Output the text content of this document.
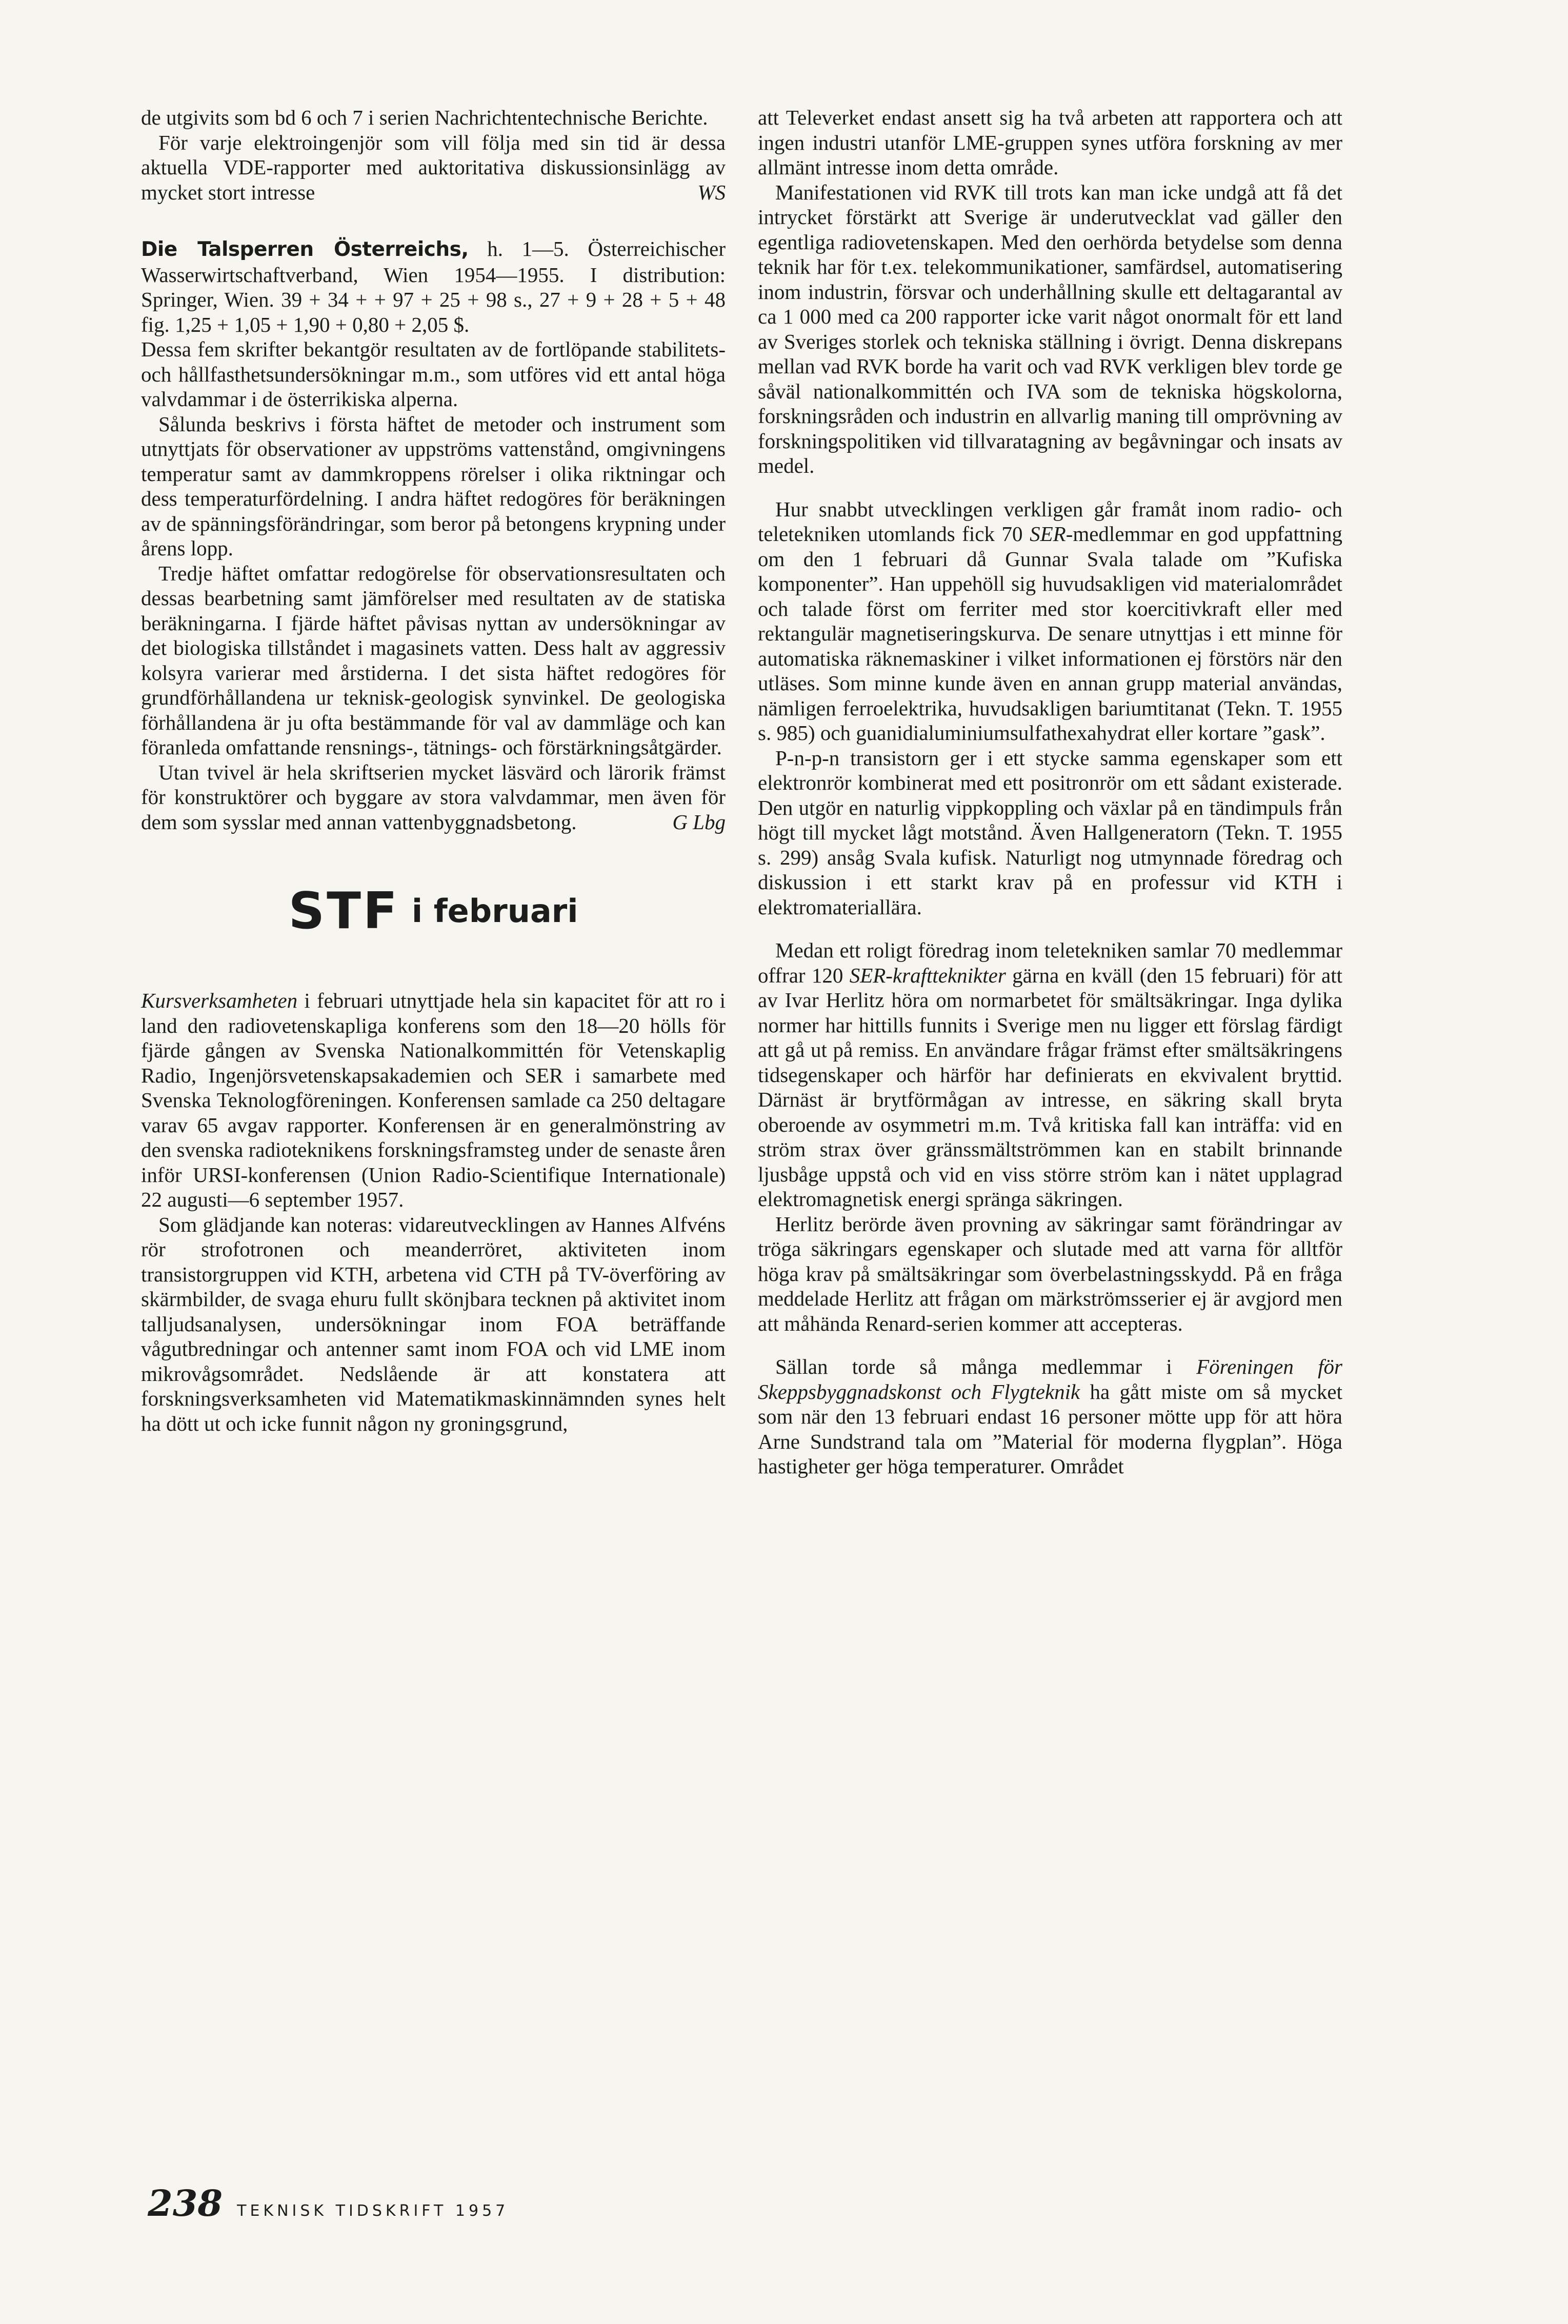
de utgivits som bd 6 och 7 i serien Nachrichtentechnische Berichte.

För varje elektroingenjör som vill följa med sin tid är dessa aktuella VDE-rapporter med auktoritativa diskussionsinlägg av mycket stort intresse	WS

Die Talsperren Österreichs, h. 1—5. Österreichischer Wasserwirtschaftverband, Wien 1954—1955. I distribution: Springer, Wien. 39 + 34 + + 97 + 25 + 98 s., 27 + 9 + 28 + 5 + 48 fig. 1,25 + 1,05 + 1,90 + 0,80 + 2,05 $.

Dessa fem skrifter bekantgör resultaten av de fortlöpande stabilitets- och hållfasthetsundersökningar m.m., som utföres vid ett antal höga valvdammar i de österrikiska alperna.

Sålunda beskrivs i första häftet de metoder och instrument som utnyttjats för observationer av uppströms vattenstånd, omgivningens temperatur samt av dammkroppens rörelser i olika riktningar och dess temperaturfördelning. I andra häftet redogöres för beräkningen av de spänningsförändringar, som beror på betongens krypning under årens lopp.

Tredje häftet omfattar redogörelse för observationsresultaten och dessas bearbetning samt jämförelser med resultaten av de statiska beräkningarna. I fjärde häftet påvisas nyttan av undersökningar av det biologiska tillståndet i magasinets vatten. Dess halt av aggressiv kolsyra varierar med årstiderna. I det sista häftet redogöres för grundförhållandena ur teknisk-geologisk synvinkel. De geologiska förhållandena är ju ofta bestämmande för val av dammläge och kan föranleda omfattande rensnings-, tätnings- och förstärkningsåtgärder.

Utan tvivel är hela skriftserien mycket läsvärd och lärorik främst för konstruktörer och byggare av stora valvdammar, men även för dem som sysslar med annan vattenbyggnadsbetong.	G Lbg

STF i februari

Kursverksamheten i februari utnyttjade hela sin kapacitet för att ro i land den radiovetenskapliga konferens som den 18—20 hölls för fjärde gången av Svenska Nationalkommittén för Vetenskaplig Radio, Ingenjörsvetenskapsakademien och SER i samarbete med Svenska Teknologföreningen. Konferensen samlade ca 250 deltagare varav 65 avgav rapporter. Konferensen är en generalmönstring av den svenska radioteknikens forskningsframsteg under de senaste åren inför URSI-konferensen (Union Radio-Scientifique Internationale) 22 augusti—6 september 1957.

Som glädjande kan noteras: vidareutvecklingen av Hannes Alfvéns rör strofotronen och meanderröret, aktiviteten inom transistorgruppen vid KTH, arbetena vid CTH på TV-överföring av skärmbilder, de svaga ehuru fullt skönjbara tecknen på aktivitet inom talljudsanalysen, undersökningar inom FOA beträffande vågutbredningar och antenner samt inom FOA och vid LME inom mikrovågsområdet. Nedslående är att konstatera att forskningsverksamheten vid Matematikmaskinnämnden synes helt ha dött ut och icke funnit någon ny groningsgrund,

att Televerket endast ansett sig ha två arbeten att rapportera och att ingen industri utanför LME-gruppen synes utföra forskning av mer allmänt intresse inom detta område.

Manifestationen vid RVK till trots kan man icke undgå att få det intrycket förstärkt att Sverige är underutvecklat vad gäller den egentliga radiovetenskapen. Med den oerhörda betydelse som denna teknik har för t.ex. telekommunikationer, samfärdsel, automatisering inom industrin, försvar och underhållning skulle ett deltagarantal av ca 1 000 med ca 200 rapporter icke varit något onormalt för ett land av Sveriges storlek och tekniska ställning i övrigt. Denna diskrepans mellan vad RVK borde ha varit och vad RVK verkligen blev torde ge såväl nationalkommittén och IVA som de tekniska högskolorna, forskningsråden och industrin en allvarlig maning till omprövning av forskningspolitiken vid tillvaratagning av begåvningar och insats av medel.

Hur snabbt utvecklingen verkligen går framåt inom radio- och teletekniken utomlands fick 70 SER-medlemmar en god uppfattning om den 1 februari då Gunnar Svala talade om ”Kufiska komponenter”. Han uppehöll sig huvudsakligen vid materialområdet och talade först om ferriter med stor koercitivkraft eller med rektangulär magnetiseringskurva. De senare utnyttjas i ett minne för automatiska räknemaskiner i vilket informationen ej förstörs när den utläses. Som minne kunde även en annan grupp material användas, nämligen ferroelektrika, huvudsakligen bariumtitanat (Tekn. T. 1955 s. 985) och guanidialuminiumsulfathexahydrat eller kortare ”gask”.

P-n-p-n transistorn ger i ett stycke samma egenskaper som ett elektronrör kombinerat med ett positronrör om ett sådant existerade. Den utgör en naturlig vippkoppling och växlar på en tändimpuls från högt till mycket lågt motstånd. Även Hallgeneratorn (Tekn. T. 1955 s. 299) ansåg Svala kufisk. Naturligt nog utmynnade föredrag och diskussion i ett starkt krav på en professur vid KTH i elektromateriallära.

Medan ett roligt föredrag inom teletekniken samlar 70 medlemmar offrar 120 SER-kraftteknikter gärna en kväll (den 15 februari) för att av Ivar Herlitz höra om normarbetet för smältsäkringar. Inga dylika normer har hittills funnits i Sverige men nu ligger ett förslag färdigt att gå ut på remiss. En användare frågar främst efter smältsäkringens tidsegenskaper och härför har definierats en ekvivalent bryttid. Därnäst är brytförmågan av intresse, en säkring skall bryta oberoende av osymmetri m.m. Två kritiska fall kan inträffa: vid en ström strax över gränssmältströmmen kan en stabilt brinnande ljusbåge uppstå och vid en viss större ström kan i nätet upplagrad elektromagnetisk energi spränga säkringen.

Herlitz berörde även provning av säkringar samt förändringar av tröga säkringars egenskaper och slutade med att varna för alltför höga krav på smältsäkringar som överbelastningsskydd. På en fråga meddelade Herlitz att frågan om märkströmsserier ej är avgjord men att måhända Renard-serien kommer att accepteras.

Sällan torde så många medlemmar i Föreningen för Skeppsbyggnadskonst och Flygteknik ha gått miste om så mycket som när den 13 februari endast 16 personer mötte upp för att höra Arne Sundstrand tala om ”Material för moderna flygplan”. Höga hastigheter ger höga temperaturer. Området

238 TEKNISK TIDSKRIFT 1957
